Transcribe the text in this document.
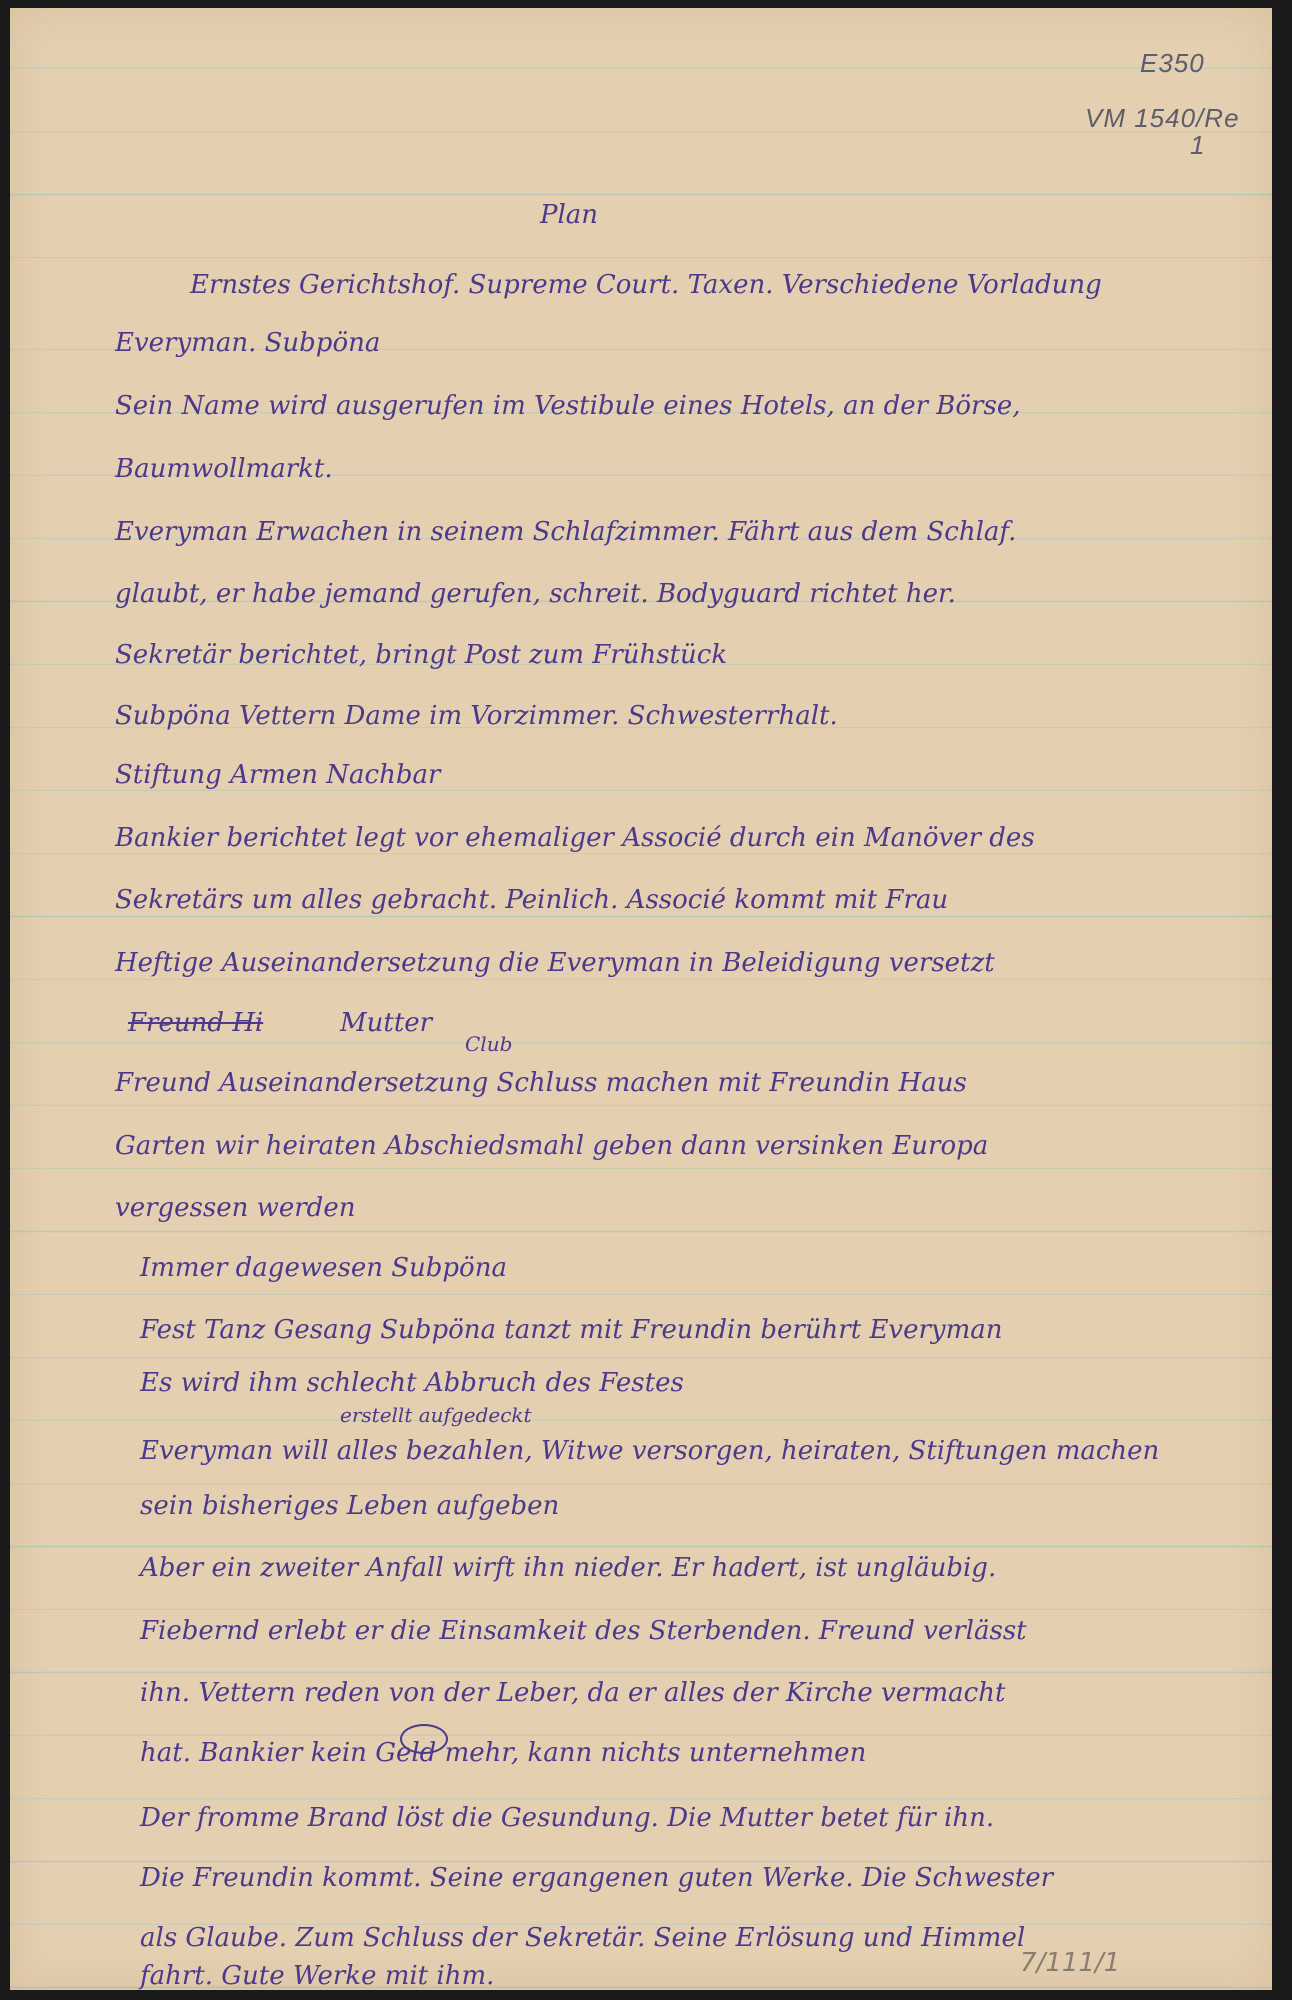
E350
VM 1540/Re
1
Plan
Ernstes Gerichtshof. Supreme Court. Taxen. Verschiedene Vorladung
Everyman. Subpöna
Sein Name wird ausgerufen im Vestibule eines Hotels, an der Börse,
Baumwollmarkt.
Everyman Erwachen in seinem Schlafzimmer. Fährt aus dem Schlaf.
glaubt, er habe jemand gerufen, schreit. Bodyguard richtet her.
Sekretär berichtet, bringt Post zum Frühstück
Subpöna Vettern Dame im Vorzimmer. Schwesterrhalt.
Stiftung Armen Nachbar
Bankier berichtet legt vor ehemaliger Associé durch ein Manöver des
Sekretärs um alles gebracht. Peinlich. Associé kommt mit Frau
Heftige Auseinandersetzung die Everyman in Beleidigung versetzt
Freund Hi	Mutter
Club
Freund Auseinandersetzung Schluss machen mit Freundin Haus
Garten wir heiraten Abschiedsmahl geben dann versinken Europa
vergessen werden
Immer dagewesen Subpöna
Fest Tanz Gesang Subpöna tanzt mit Freundin berührt Everyman
Es wird ihm schlecht Abbruch des Festes
erstellt aufgedeckt
Everyman will alles bezahlen, Witwe versorgen, heiraten, Stiftungen machen
sein bisheriges Leben aufgeben
Aber ein zweiter Anfall wirft ihn nieder. Er hadert, ist ungläubig.
Fiebernd erlebt er die Einsamkeit des Sterbenden. Freund verlässt
ihn. Vettern reden von der Leber, da er alles der Kirche vermacht
hat. Bankier kein Geld mehr, kann nichts unternehmen
Der fromme Brand löst die Gesundung. Die Mutter betet für ihn.
Die Freundin kommt. Seine ergangenen guten Werke. Die Schwester
als Glaube. Zum Schluss der Sekretär. Seine Erlösung und Himmel
fahrt. Gute Werke mit ihm.	7/111/1
